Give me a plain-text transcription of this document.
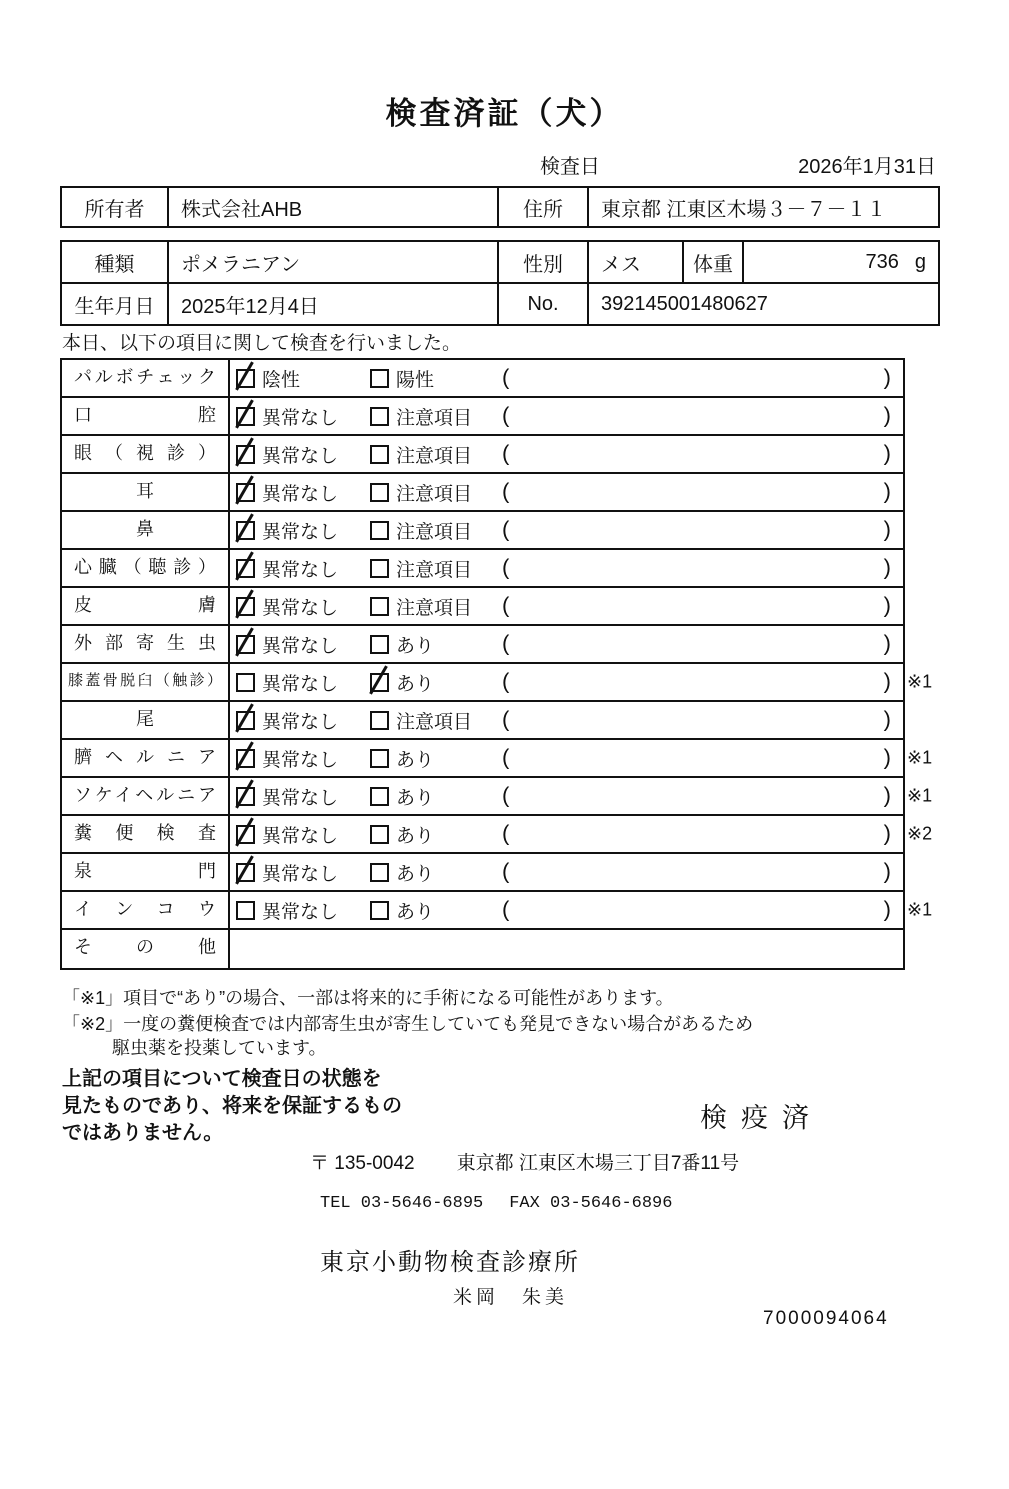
検査済証（犬）
検査日	2026年1月31日
所有者	株式会社AHB	住所	東京都 江東区木場３－７－１１
種類	ポメラニアン	性別	メス	体重	736 g
生年月日	2025年12月4日	No.	392145001480627
本日、以下の項目に関して検査を行いました。
パルボチェック	陰性	陽性	(	)
口腔	異常なし	注意項目 (	)
眼（視診）	異常なし	注意項目 (	)
耳	異常なし	注意項目 (	)
鼻	異常なし	注意項目 (	)
心臓（聴診）	異常なし	注意項目 (	)
皮膚	異常なし	注意項目 (	)
外部寄生虫	異常なし	あり	(	)
膝蓋骨脱臼（触診）	異常なし	あり	(	) ※1
尾	異常なし	注意項目 (	)
臍ヘルニア	異常なし	あり	(	) ※1
ソケイヘルニア	異常なし	あり	(	) ※1
糞便検査	異常なし	あり	(	) ※2
泉門	異常なし	あり	(	)
インコウ	異常なし	あり	(	) ※1
その他
「※1」項目で“あり”の場合、一部は将来的に手術になる可能性があります。
「※2」一度の糞便検査では内部寄生虫が寄生していても発見できない場合があるため
駆虫薬を投薬しています。
上記の項目について検査日の状態を
見たものであり、将来を保証するもの
ではありません。	検疫済
〒 135-0042 東京都 江東区木場三丁目7番11号
TEL 03-5646-6895 FAX 03-5646-6896
東京小動物検査診療所
米岡　朱美
7000094064
